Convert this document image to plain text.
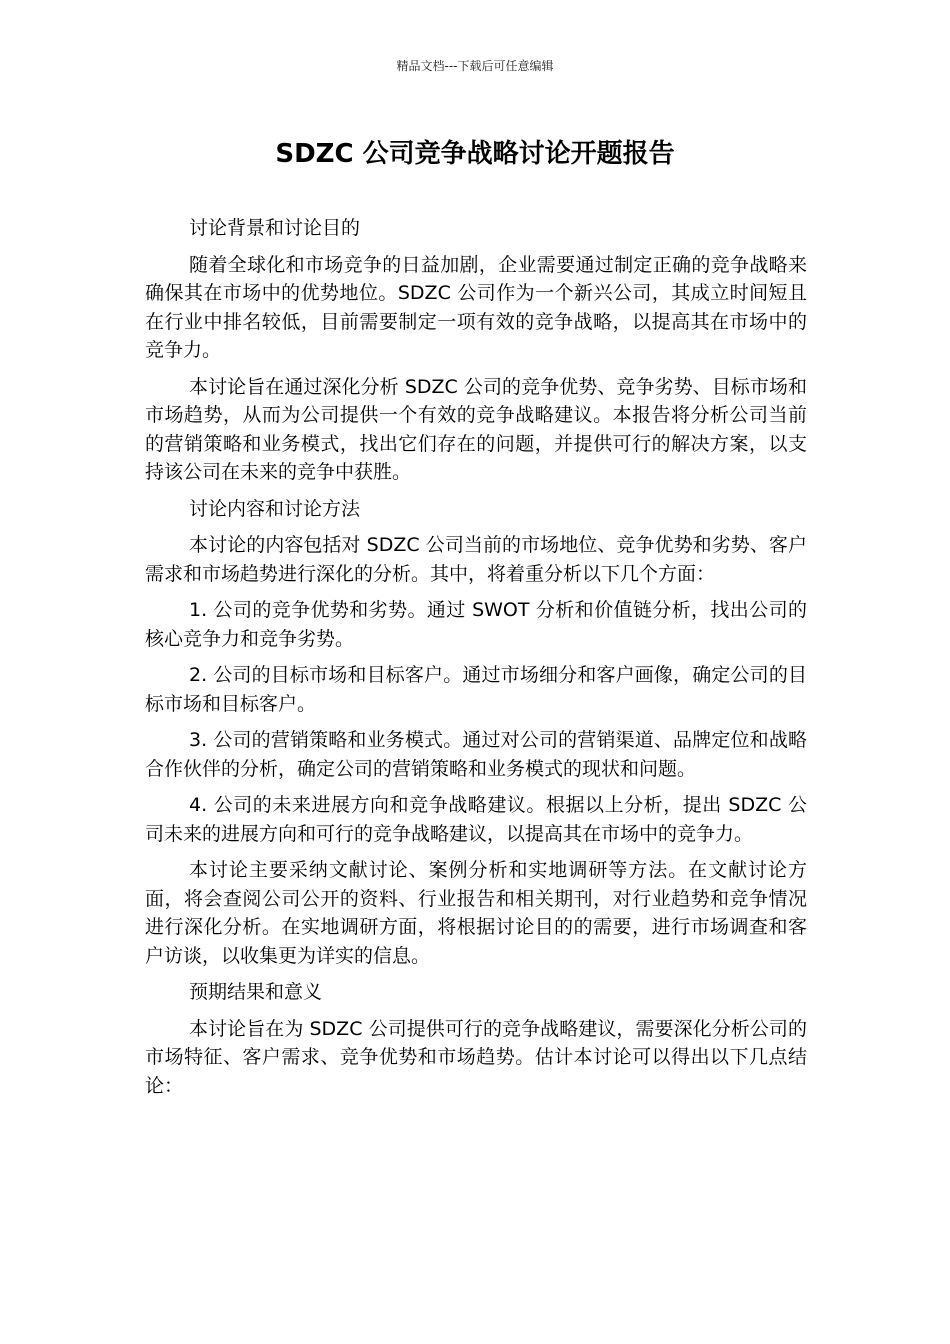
精品文档---下载后可任意编辑
SDZC 公司竞争战略讨论开题报告

讨论背景和讨论目的

随着全球化和市场竞争的日益加剧，企业需要通过制定正确的竞争战略来确保其在市场中的优势地位。SDZC 公司作为一个新兴公司，其成立时间短且在行业中排名较低，目前需要制定一项有效的竞争战略，以提高其在市场中的竞争力。

本讨论旨在通过深化分析 SDZC 公司的竞争优势、竞争劣势、目标市场和市场趋势，从而为公司提供一个有效的竞争战略建议。本报告将分析公司当前的营销策略和业务模式，找出它们存在的问题，并提供可行的解决方案，以支持该公司在未来的竞争中获胜。

讨论内容和讨论方法

本讨论的内容包括对 SDZC 公司当前的市场地位、竞争优势和劣势、客户需求和市场趋势进行深化的分析。其中，将着重分析以下几个方面：

1. 公司的竞争优势和劣势。通过 SWOT 分析和价值链分析，找出公司的核心竞争力和竞争劣势。

2. 公司的目标市场和目标客户。通过市场细分和客户画像，确定公司的目标市场和目标客户。

3. 公司的营销策略和业务模式。通过对公司的营销渠道、品牌定位和战略合作伙伴的分析，确定公司的营销策略和业务模式的现状和问题。

4. 公司的未来进展方向和竞争战略建议。根据以上分析，提出 SDZC 公司未来的进展方向和可行的竞争战略建议，以提高其在市场中的竞争力。

本讨论主要采纳文献讨论、案例分析和实地调研等方法。在文献讨论方面，将会查阅公司公开的资料、行业报告和相关期刊，对行业趋势和竞争情况进行深化分析。在实地调研方面，将根据讨论目的的需要，进行市场调查和客户访谈，以收集更为详实的信息。

预期结果和意义

本讨论旨在为 SDZC 公司提供可行的竞争战略建议，需要深化分析公司的市场特征、客户需求、竞争优势和市场趋势。估计本讨论可以得出以下几点结论：
